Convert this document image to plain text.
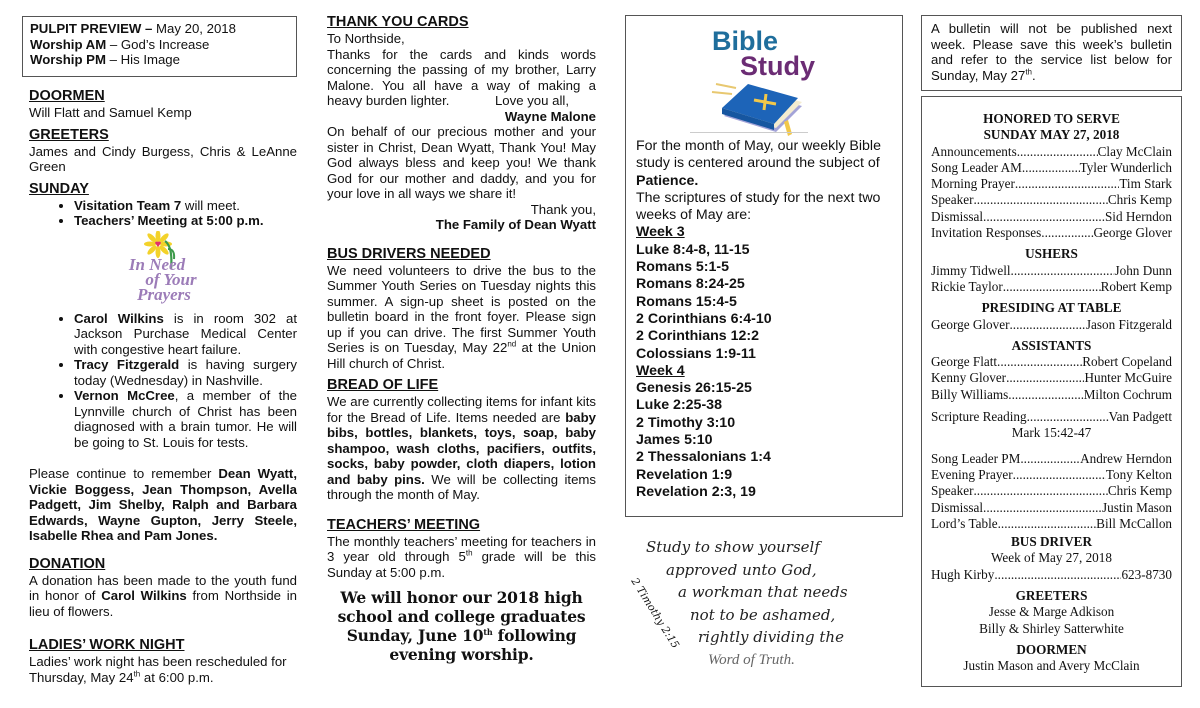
PULPIT PREVIEW – May 20, 2018
Worship AM – God’s Increase
Worship PM – His Image
DOORMEN
Will Flatt and Samuel Kemp
GREETERS
James and Cindy Burgess, Chris & LeAnne Green
SUNDAY
• Visitation Team 7 will meet.
• Teachers’ Meeting at 5:00 p.m.
In Need
of Your
Prayers
• Carol Wilkins is in room 302 at Jackson Purchase Medical Center with congestive heart failure.
• Tracy Fitzgerald is having surgery today (Wednesday) in Nashville.
• Vernon McCree, a member of the Lynnville church of Christ has been diagnosed with a brain tumor. He will be going to St. Louis for tests.
Please continue to remember Dean Wyatt, Vickie Boggess, Jean Thompson, Avella Padgett, Jim Shelby, Ralph and Barbara Edwards, Wayne Gupton, Jerry Steele, Isabelle Rhea and Pam Jones.
DONATION
A donation has been made to the youth fund in honor of Carol Wilkins from Northside in lieu of flowers.
LADIES’ WORK NIGHT
Ladies’ work night has been rescheduled for Thursday, May 24th at 6:00 p.m.
THANK YOU CARDS
To Northside,
Thanks for the cards and kinds words concerning the passing of my brother, Larry Malone. You all have a way of making a heavy burden lighter.	Love you all,
Wayne Malone
On behalf of our precious mother and your sister in Christ, Dean Wyatt, Thank You! May God always bless and keep you! We thank God for our mother and daddy, and you for your love in all ways we share it!
Thank you,
The Family of Dean Wyatt
BUS DRIVERS NEEDED
We need volunteers to drive the bus to the Summer Youth Series on Tuesday nights this summer. A sign-up sheet is posted on the bulletin board in the front foyer. Please sign up if you can drive. The first Summer Youth Series is on Tuesday, May 22nd at the Union Hill church of Christ.
BREAD OF LIFE
We are currently collecting items for infant kits for the Bread of Life. Items needed are baby bibs, bottles, blankets, toys, soap, baby shampoo, wash cloths, pacifiers, outfits, socks, baby powder, cloth diapers, lotion and baby pins. We will be collecting items through the month of May.
TEACHERS’ MEETING
The monthly teachers’ meeting for teachers in 3 year old through 5th grade will be this Sunday at 5:00 p.m.
We will honor our 2018 high school and college graduates Sunday, June 10th following evening worship.
Bible
Study
For the month of May, our weekly Bible study is centered around the subject of Patience.
The scriptures of study for the next two weeks of May are:
Week 3
Luke 8:4-8, 11-15
Romans 5:1-5
Romans 8:24-25
Romans 15:4-5
2 Corinthians 6:4-10
2 Corinthians 12:2
Colossians 1:9-11
Week 4
Genesis 26:15-25
Luke 2:25-38
2 Timothy 3:10
James 5:10
2 Thessalonians 1:4
Revelation 1:9
Revelation 2:3, 19
Study to show yourself
approved unto God,
a workman that needs
not to be ashamed,
rightly dividing the
Word of Truth.
2 Timothy 2:15
A bulletin will not be published next week. Please save this week’s bulletin and refer to the service list below for Sunday, May 27th.
HONORED TO SERVE
SUNDAY MAY 27, 2018
Announcements .....	Clay McClain
Song Leader AM .....	Tyler Wunderlich
Morning Prayer .....	Tim Stark
Speaker .....	Chris Kemp
Dismissal .....	Sid Herndon
Invitation Responses .....	George Glover
USHERS
Jimmy Tidwell .....	John Dunn
Rickie Taylor .....	Robert Kemp
PRESIDING AT TABLE
George Glover .....	Jason Fitzgerald
ASSISTANTS
George Flatt .....	Robert Copeland
Kenny Glover .....	Hunter McGuire
Billy Williams .....	Milton Cochrum
Scripture Reading .....	Van Padgett
Mark 15:42-47
Song Leader PM .....	Andrew Herndon
Evening Prayer .....	Tony Kelton
Speaker .....	Chris Kemp
Dismissal .....	Justin Mason
Lord’s Table .....	Bill McCallon
BUS DRIVER
Week of May 27, 2018
Hugh Kirby .....	623-8730
GREETERS
Jesse & Marge Adkison
Billy & Shirley Satterwhite
DOORMEN
Justin Mason and Avery McClain
